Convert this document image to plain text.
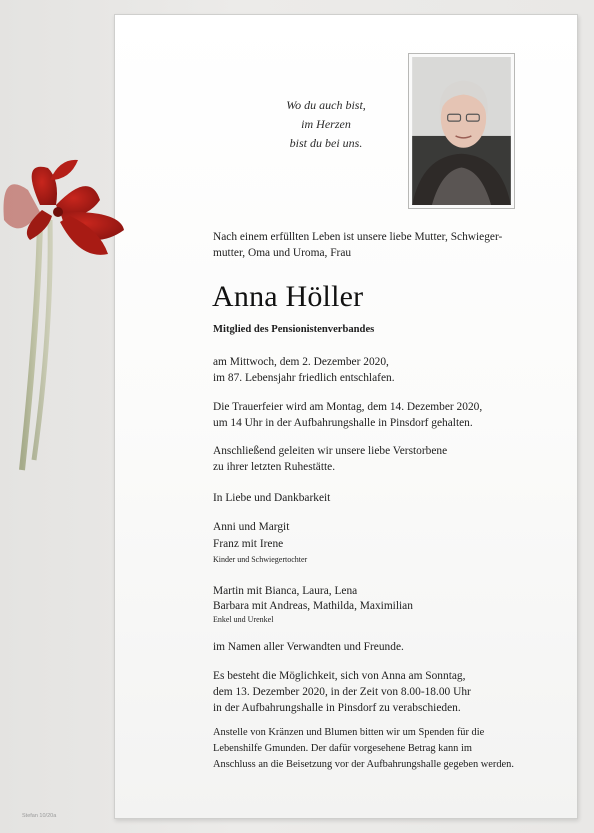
Wo du auch bist,
im Herzen
bist du bei uns.
Nach einem erfüllten Leben ist unsere liebe Mutter, Schwieger-
mutter, Oma und Uroma, Frau
Anna Höller
Mitglied des Pensionistenverbandes
am Mittwoch, dem 2. Dezember 2020,
im 87. Lebensjahr friedlich entschlafen.
Die Trauerfeier wird am Montag, dem 14. Dezember 2020,
um 14 Uhr in der Aufbahrungshalle in Pinsdorf gehalten.
Anschließend geleiten wir unsere liebe Verstorbene
zu ihrer letzten Ruhestätte.
In Liebe und Dankbarkeit
Anni und Margit
Franz mit Irene
Kinder und Schwiegertochter
Martin mit Bianca, Laura, Lena
Barbara mit Andreas, Mathilda, Maximilian
Enkel und Urenkel
im Namen aller Verwandten und Freunde.
Es besteht die Möglichkeit, sich von Anna am Sonntag,
dem 13. Dezember 2020, in der Zeit von 8.00-18.00 Uhr
in der Aufbahrungshalle in Pinsdorf zu verabschieden.
Anstelle von Kränzen und Blumen bitten wir um Spenden für die
Lebenshilfe Gmunden. Der dafür vorgesehene Betrag kann im
Anschluss an die Beisetzung vor der Aufbahrungshalle gegeben werden.
Stefan 10/20a
